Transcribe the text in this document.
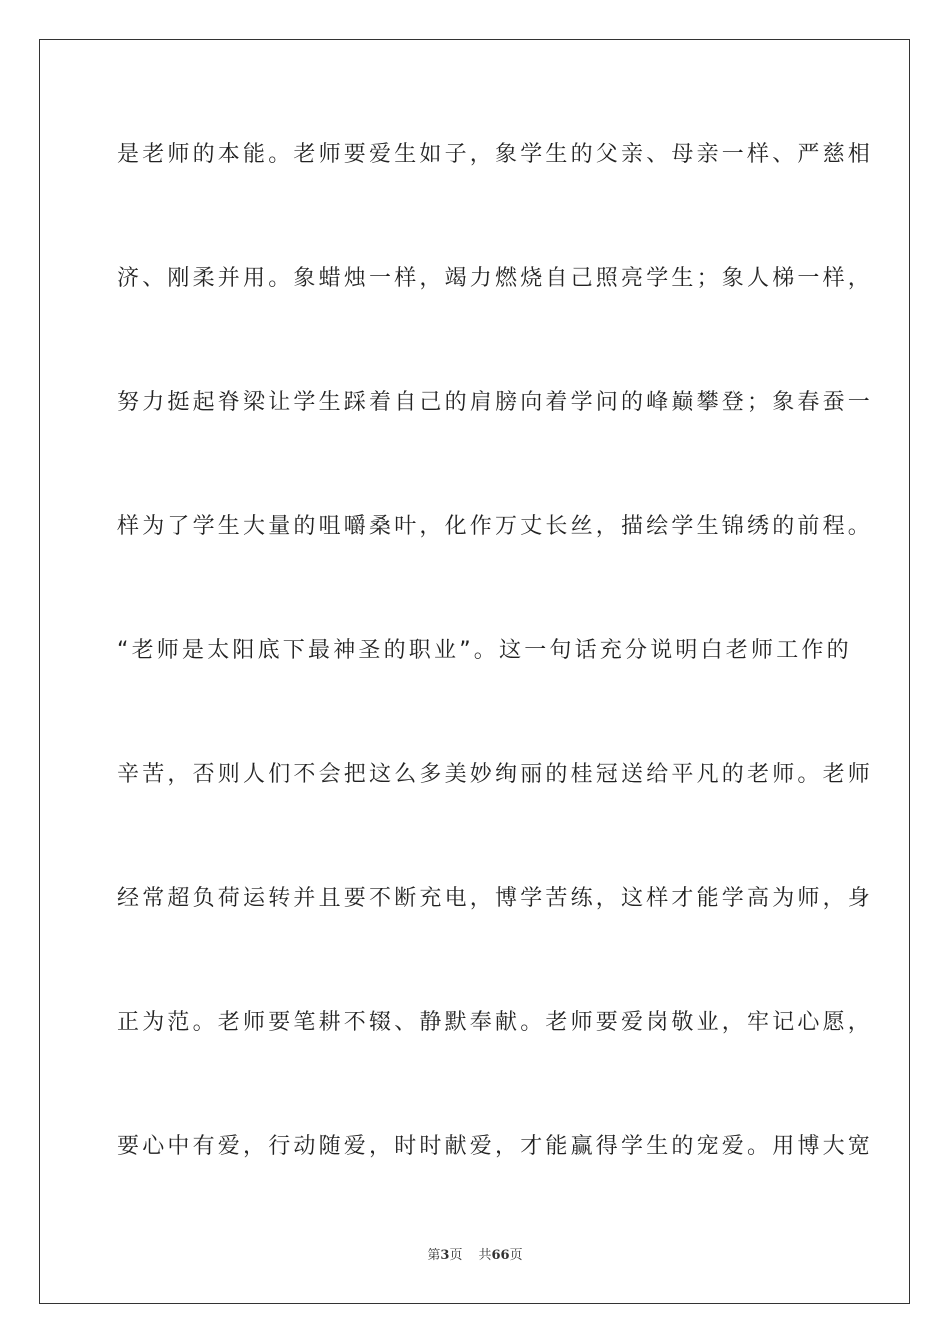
是老师的本能。老师要爱生如子，象学生的父亲、母亲一样、严慈相
济、刚柔并用。象蜡烛一样，竭力燃烧自己照亮学生；象人梯一样，
努力挺起脊梁让学生踩着自己的肩膀向着学问的峰巅攀登；象春蚕一
样为了学生大量的咀嚼桑叶，化作万丈长丝，描绘学生锦绣的前程。
“老师是太阳底下最神圣的职业”。这一句话充分说明白老师工作的
辛苦，否则人们不会把这么多美妙绚丽的桂冠送给平凡的老师。老师
经常超负荷运转并且要不断充电，博学苦练，这样才能学高为师，身
正为范。老师要笔耕不辍、静默奉献。老师要爱岗敬业，牢记心愿，
要心中有爱，行动随爱，时时献爱，才能赢得学生的宠爱。用博大宽
第3页 共66页
